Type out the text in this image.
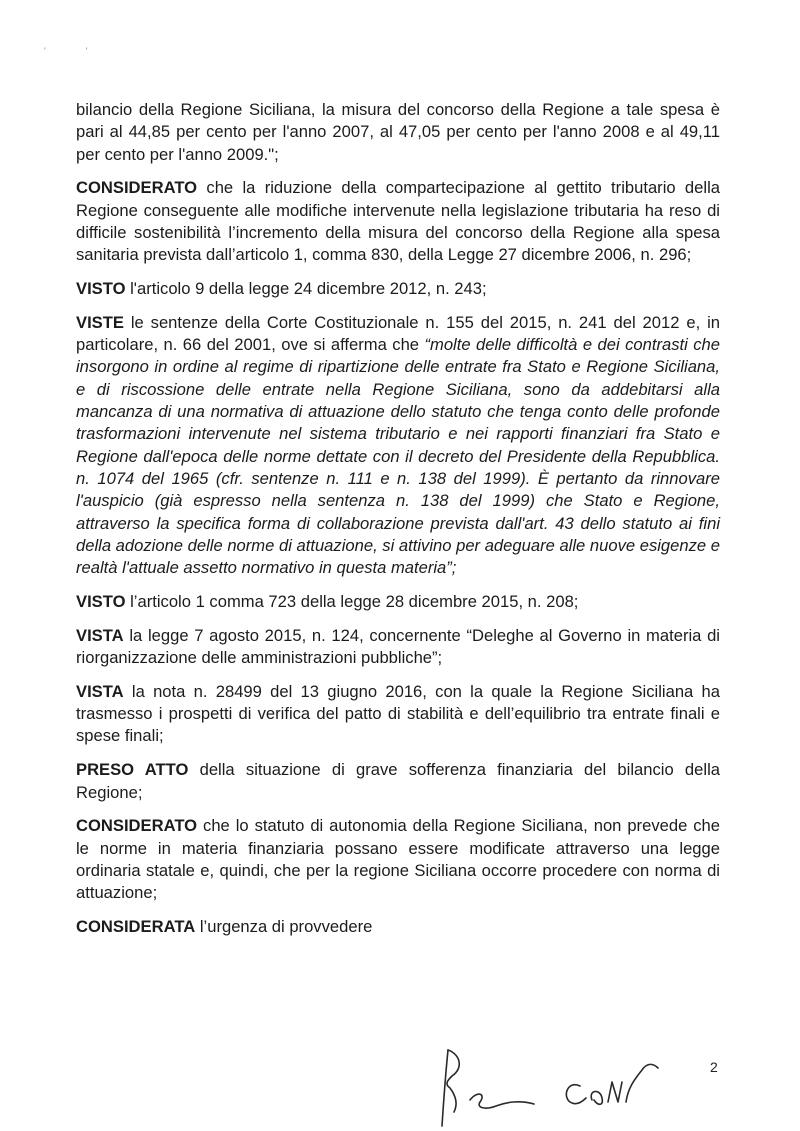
''

bilancio della Regione Siciliana, la misura del concorso della Regione a tale spesa è pari al 44,85 per cento per l'anno 2007, al 47,05 per cento per l'anno 2008 e al 49,11 per cento per l'anno 2009.";

CONSIDERATO che la riduzione della compartecipazione al gettito tributario della Regione conseguente alle modifiche intervenute nella legislazione tributaria ha reso di difficile sostenibilità l’incremento della misura del concorso della Regione alla spesa sanitaria prevista dall’articolo 1, comma 830, della Legge 27 dicembre 2006, n. 296;

VISTO l'articolo 9 della legge 24 dicembre 2012, n. 243;

VISTE le sentenze della Corte Costituzionale n. 155 del 2015, n. 241 del 2012 e, in particolare, n. 66 del 2001, ove si afferma che “molte delle difficoltà e dei contrasti che insorgono in ordine al regime di ripartizione delle entrate fra Stato e Regione Siciliana, e di riscossione delle entrate nella Regione Siciliana, sono da addebitarsi alla mancanza di una normativa di attuazione dello statuto che tenga conto delle profonde trasformazioni intervenute nel sistema tributario e nei rapporti finanziari fra Stato e Regione dall'epoca delle norme dettate con il decreto del Presidente della Repubblica. n. 1074 del 1965 (cfr. sentenze n. 111 e n. 138 del 1999). È pertanto da rinnovare l'auspicio (già espresso nella sentenza n. 138 del 1999) che Stato e Regione, attraverso la specifica forma di collaborazione prevista dall'art. 43 dello statuto ai fini della adozione delle norme di attuazione, si attivino per adeguare alle nuove esigenze e realtà l'attuale assetto normativo in questa materia”;

VISTO l’articolo 1 comma 723 della legge 28 dicembre 2015, n. 208;

VISTA la legge 7 agosto 2015, n. 124, concernente “Deleghe al Governo in materia di riorganizzazione delle amministrazioni pubbliche”;

VISTA la nota n. 28499 del 13 giugno 2016, con la quale la Regione Siciliana ha trasmesso i prospetti di verifica del patto di stabilità e dell’equilibrio tra entrate finali e spese finali;

PRESO ATTO della situazione di grave sofferenza finanziaria del bilancio della Regione;

CONSIDERATO che lo statuto di autonomia della Regione Siciliana, non prevede che le norme in materia finanziaria possano essere modificate attraverso una legge ordinaria statale e, quindi, che per la regione Siciliana occorre procedere con norma di attuazione;

CONSIDERATA l’urgenza di provvedere

2
